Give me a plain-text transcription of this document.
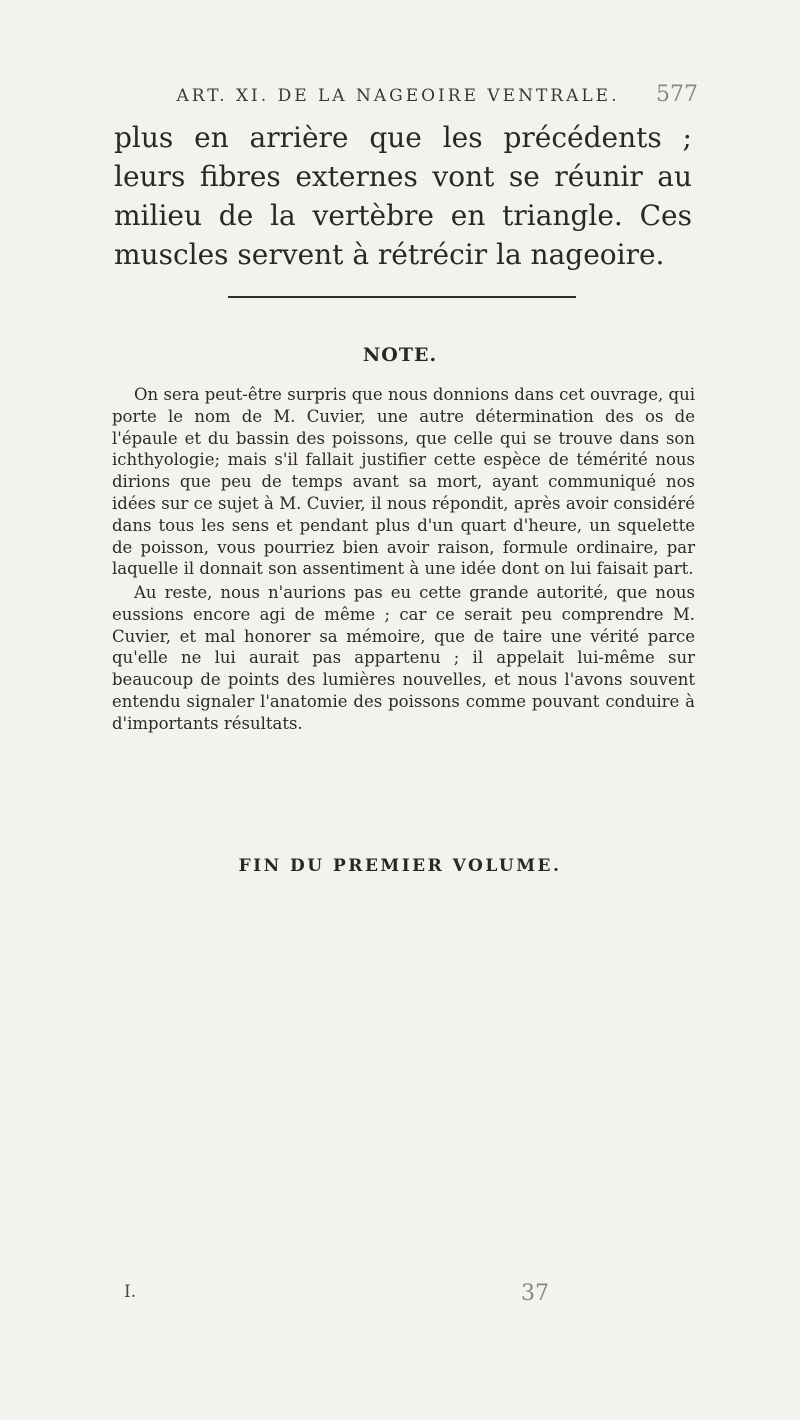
ART. XI. DE LA NAGEOIRE VENTRALE.	577

plus en arrière que les précédents ; leurs fibres externes vont se réunir au milieu de la vertèbre en triangle. Ces muscles servent à rétrécir la nageoire.

NOTE.

On sera peut-être surpris que nous donnions dans cet ouvrage, qui porte le nom de M. Cuvier, une autre détermination des os de l'épaule et du bassin des poissons, que celle qui se trouve dans son ichthyologie; mais s'il fallait justifier cette espèce de témérité nous dirions que peu de temps avant sa mort, ayant communiqué nos idées sur ce sujet à M. Cuvier, il nous répondit, après avoir considéré dans tous les sens et pendant plus d'un quart d'heure, un squelette de poisson, vous pourriez bien avoir raison, formule ordinaire, par laquelle il donnait son assentiment à une idée dont on lui faisait part.

Au reste, nous n'aurions pas eu cette grande autorité, que nous eussions encore agi de même ; car ce serait peu comprendre M. Cuvier, et mal honorer sa mémoire, que de taire une vérité parce qu'elle ne lui aurait pas appartenu ; il appelait lui-même sur beaucoup de points des lumières nouvelles, et nous l'avons souvent entendu signaler l'anatomie des poissons comme pouvant conduire à d'importants résultats.

FIN DU PREMIER VOLUME.
I.	37
